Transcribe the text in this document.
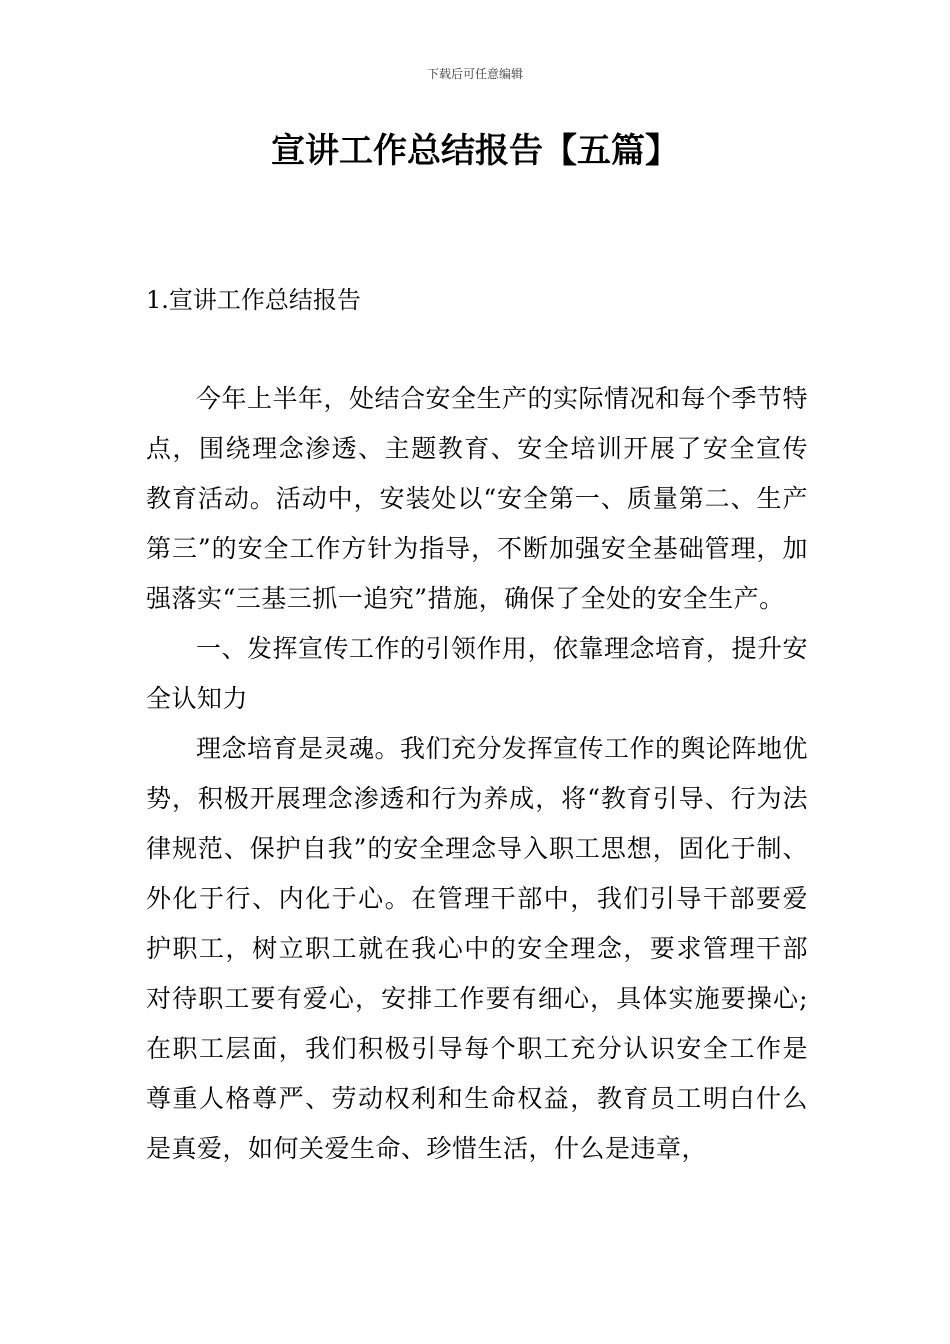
下载后可任意编辑
宣讲工作总结报告【五篇】
1.宣讲工作总结报告

今年上半年，处结合安全生产的实际情况和每个季节特点，围绕理念渗透、主题教育、安全培训开展了安全宣传教育活动。活动中，安装处以“安全第一、质量第二、生产第三”的安全工作方针为指导，不断加强安全基础管理，加强落实“三基三抓一追究”措施，确保了全处的安全生产。

一、发挥宣传工作的引领作用，依靠理念培育，提升安全认知力

理念培育是灵魂。我们充分发挥宣传工作的舆论阵地优势，积极开展理念渗透和行为养成，将“教育引导、行为法律规范、保护自我”的安全理念导入职工思想，固化于制、外化于行、内化于心。在管理干部中，我们引导干部要爱护职工，树立职工就在我心中的安全理念，要求管理干部对待职工要有爱心，安排工作要有细心，具体实施要操心;在职工层面，我们积极引导每个职工充分认识安全工作是尊重人格尊严、劳动权利和生命权益，教育员工明白什么是真爱，如何关爱生命、珍惜生活，什么是违章，
